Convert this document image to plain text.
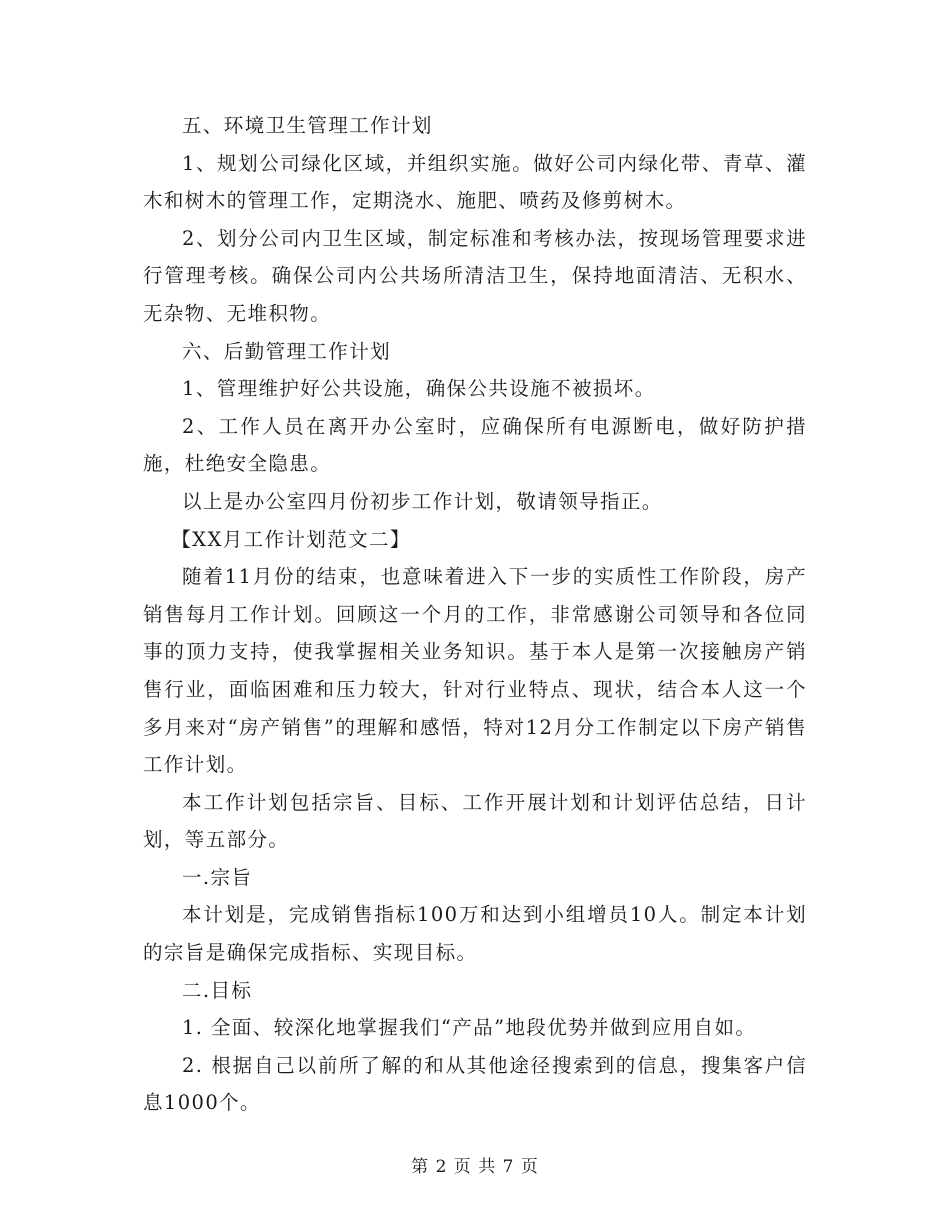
五、环境卫生管理工作计划

1、规划公司绿化区域，并组织实施。做好公司内绿化带、青草、灌木和树木的管理工作，定期浇水、施肥、喷药及修剪树木。

2、划分公司内卫生区域，制定标准和考核办法，按现场管理要求进行管理考核。确保公司内公共场所清洁卫生，保持地面清洁、无积水、无杂物、无堆积物。

六、后勤管理工作计划

1、管理维护好公共设施，确保公共设施不被损坏。

2、工作人员在离开办公室时，应确保所有电源断电，做好防护措施，杜绝安全隐患。

以上是办公室四月份初步工作计划，敬请领导指正。

【XX月工作计划范文二】

随着11月份的结束，也意味着进入下一步的实质性工作阶段，房产销售每月工作计划。回顾这一个月的工作，非常感谢公司领导和各位同事的顶力支持，使我掌握相关业务知识。基于本人是第一次接触房产销售行业，面临困难和压力较大，针对行业特点、现状，结合本人这一个多月来对“房产销售”的理解和感悟，特对12月分工作制定以下房产销售工作计划。

本工作计划包括宗旨、目标、工作开展计划和计划评估总结，日计划，等五部分。

一.宗旨

本计划是，完成销售指标100万和达到小组增员10人。制定本计划的宗旨是确保完成指标、实现目标。

二.目标

1. 全面、较深化地掌握我们“产品”地段优势并做到应用自如。

2. 根据自己以前所了解的和从其他途径搜索到的信息，搜集客户信息1000个。

第 2 页 共 7 页
